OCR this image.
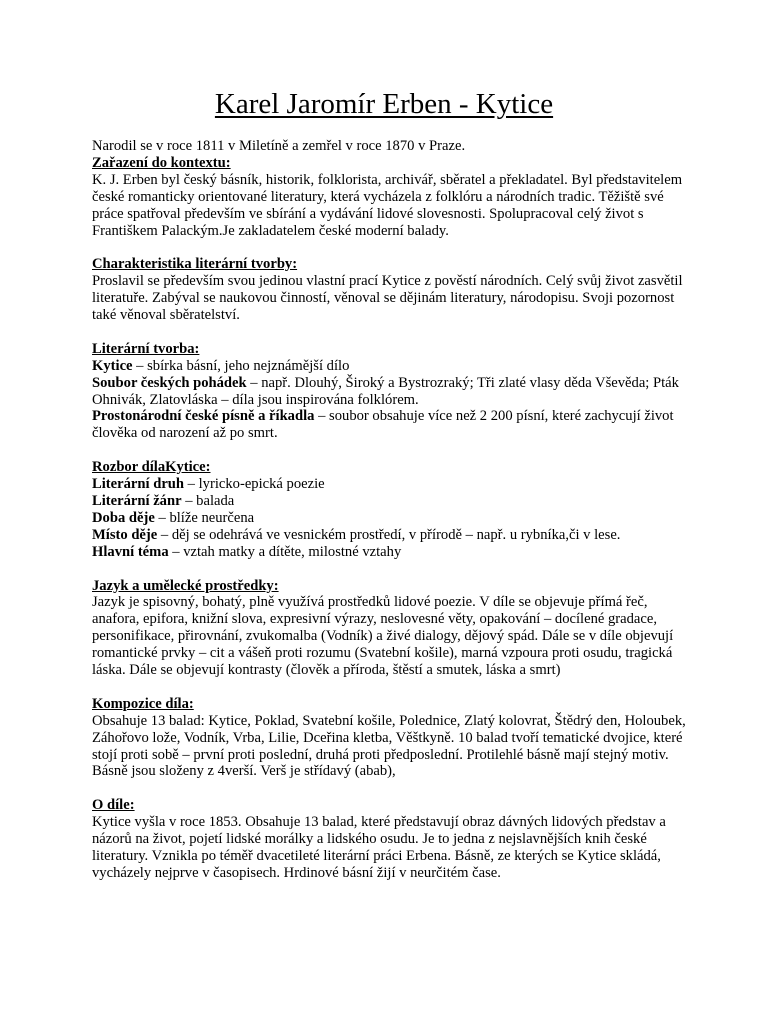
Karel Jaromír Erben - Kytice

Narodil se v roce 1811 v Miletíně a zemřel v roce 1870 v Praze.

Zařazení do kontextu:

K. J. Erben byl český básník, historik, folklorista, archivář, sběratel a překladatel. Byl představitelem české romanticky orientované literatury, která vycházela z folklóru a národních tradic. Těžiště své práce spatřoval především ve sbírání a vydávání lidové slovesnosti. Spolupracoval celý život s Františkem Palackým.Je zakladatelem české moderní balady.

Charakteristika literární tvorby:

Proslavil se především svou jedinou vlastní prací Kytice z pověstí národních. Celý svůj život zasvětil literatuře. Zabýval se naukovou činností, věnoval se dějinám literatury, národopisu. Svoji pozornost také věnoval sběratelství.

Literární tvorba:

Kytice – sbírka básní, jeho nejznámější dílo

Soubor českých pohádek – např. Dlouhý, Široký a Bystrozraký; Tři zlaté vlasy děda Vševěda; Pták Ohnivák, Zlatovláska – díla jsou inspirována folklórem.

Prostonárodní české písně a říkadla – soubor obsahuje více než 2 200 písní, které zachycují život člověka od narození až po smrt.

Rozbor dílaKytice:

Literární druh – lyricko-epická poezie

Literární žánr – balada

Doba děje – blíže neurčena

Místo děje – děj se odehrává ve vesnickém prostředí, v přírodě – např. u rybníka,či v lese.

Hlavní téma – vztah matky a dítěte, milostné vztahy

Jazyk a umělecké prostředky:

Jazyk je spisovný, bohatý, plně využívá prostředků lidové poezie. V díle se objevuje přímá řeč, anafora, epifora, knižní slova, expresivní výrazy, neslovesné věty, opakování – docílené gradace, personifikace, přirovnání, zvukomalba (Vodník) a živé dialogy, dějový spád. Dále se v díle objevují romantické prvky – cit a vášeň proti rozumu (Svatební košile), marná vzpoura proti osudu, tragická láska. Dále se objevují kontrasty (člověk a příroda, štěstí a smutek, láska a smrt)

Kompozice díla:

Obsahuje 13 balad: Kytice, Poklad, Svatební košile, Polednice, Zlatý kolovrat, Štědrý den, Holoubek, Záhořovo lože, Vodník, Vrba, Lilie, Dceřina kletba, Věštkyně. 10 balad tvoří tematické dvojice, které stojí proti sobě – první proti poslední, druhá proti předposlední. Protilehlé básně mají stejný motiv. Básně jsou složeny z 4verší. Verš je střídavý (abab),

O díle:

Kytice vyšla v roce 1853. Obsahuje 13 balad, které představují obraz dávných lidových představ a názorů na život, pojetí lidské morálky a lidského osudu. Je to jedna z nejslavnějších knih české literatury. Vznikla po téměř dvacetileté literární práci Erbena. Básně, ze kterých se Kytice skládá, vycházely nejprve v časopisech. Hrdinové básní žijí v neurčitém čase.
